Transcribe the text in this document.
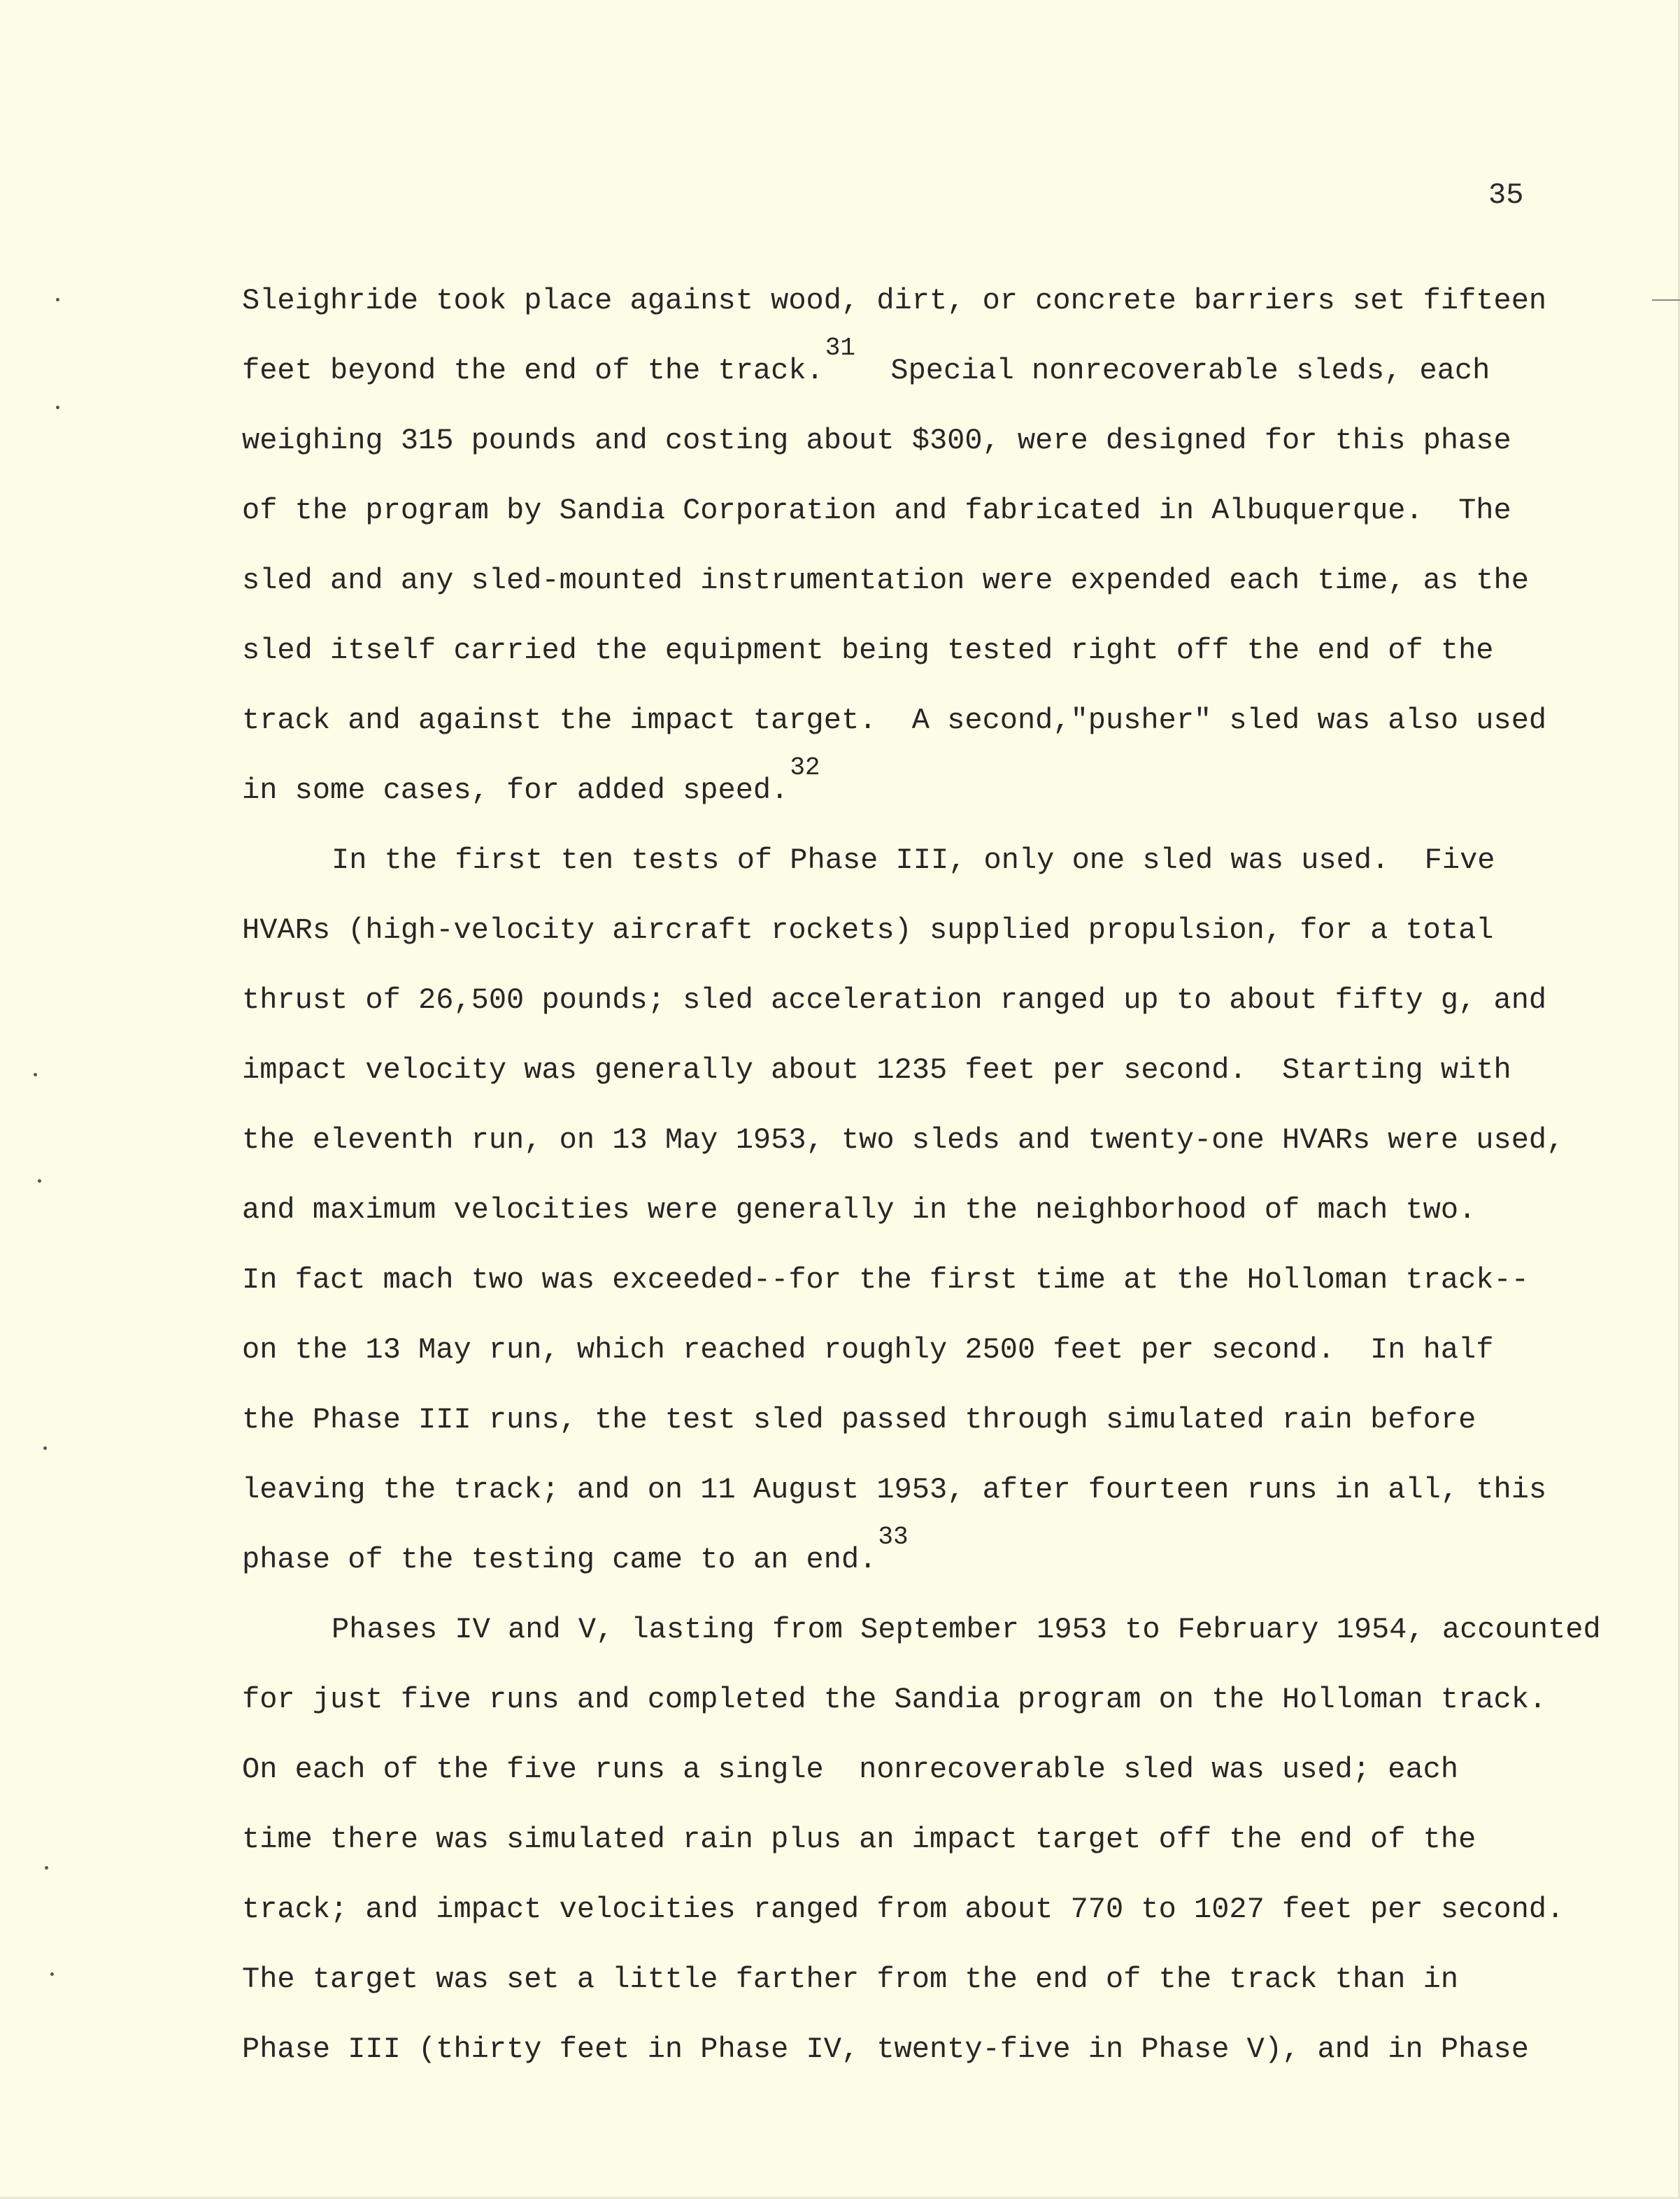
35
Sleighride took place against wood, dirt, or concrete barriers set fifteen
feet beyond the end of the track.$^{31}$  Special nonrecoverable sleds, each
weighing 315 pounds and costing about $300, were designed for this phase
of the program by Sandia Corporation and fabricated in Albuquerque.  The
sled and any sled-mounted instrumentation were expended each time, as the
sled itself carried the equipment being tested right off the end of the
track and against the impact target.  A second,"pusher" sled was also used
in some cases, for added speed.$^{32}$
In the first ten tests of Phase III, only one sled was used.  Five
HVARs (high-velocity aircraft rockets) supplied propulsion, for a total
thrust of 26,500 pounds; sled acceleration ranged up to about fifty g, and
impact velocity was generally about 1235 feet per second.  Starting with
the eleventh run, on 13 May 1953, two sleds and twenty-one HVARs were used,
and maximum velocities were generally in the neighborhood of mach two.
In fact mach two was exceeded--for the first time at the Holloman track--
on the 13 May run, which reached roughly 2500 feet per second.  In half
the Phase III runs, the test sled passed through simulated rain before
leaving the track; and on 11 August 1953, after fourteen runs in all, this
phase of the testing came to an end.$^{33}$
Phases IV and V, lasting from September 1953 to February 1954, accounted
for just five runs and completed the Sandia program on the Holloman track.
On each of the five runs a single  nonrecoverable sled was used; each
time there was simulated rain plus an impact target off the end of the
track; and impact velocities ranged from about 770 to 1027 feet per second.
The target was set a little farther from the end of the track than in
Phase III (thirty feet in Phase IV, twenty-five in Phase V), and in Phase
